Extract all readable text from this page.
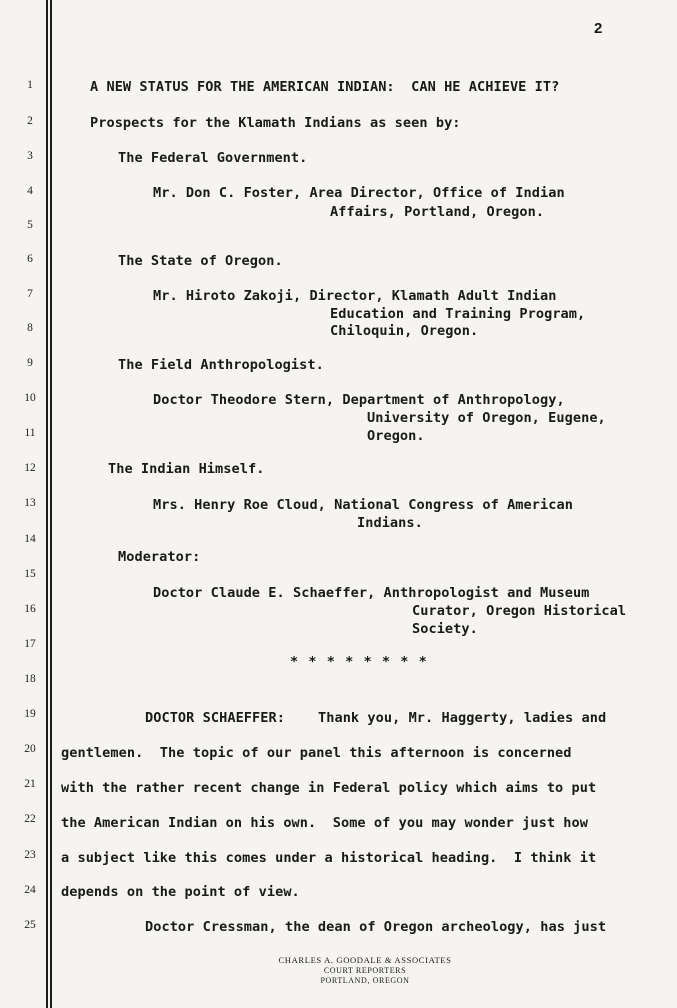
2
1
2
3
4
5
6
7
8
9
10
11
12
13
14
15
16
17
18
19
20
21
22
23
24
25
A NEW STATUS FOR THE AMERICAN INDIAN:  CAN HE ACHIEVE IT?
Prospects for the Klamath Indians as seen by:
The Federal Government.
Mr. Don C. Foster, Area Director, Office of Indian
Affairs, Portland, Oregon.
The State of Oregon.
Mr. Hiroto Zakoji, Director, Klamath Adult Indian
Education and Training Program,
Chiloquin, Oregon.
The Field Anthropologist.
Doctor Theodore Stern, Department of Anthropology,
University of Oregon, Eugene,
Oregon.
The Indian Himself.
Mrs. Henry Roe Cloud, National Congress of American
Indians.
Moderator:
Doctor Claude E. Schaeffer, Anthropologist and Museum
Curator, Oregon Historical
Society.
* * * * * * * *
DOCTOR SCHAEFFER: Thank you, Mr. Haggerty, ladies and
gentlemen.  The topic of our panel this afternoon is concerned
with the rather recent change in Federal policy which aims to put
the American Indian on his own.  Some of you may wonder just how
a subject like this comes under a historical heading.  I think it
depends on the point of view.
Doctor Cressman, the dean of Oregon archeology, has just
CHARLES A. GOODALE & ASSOCIATES
COURT REPORTERS
PORTLAND, OREGON
